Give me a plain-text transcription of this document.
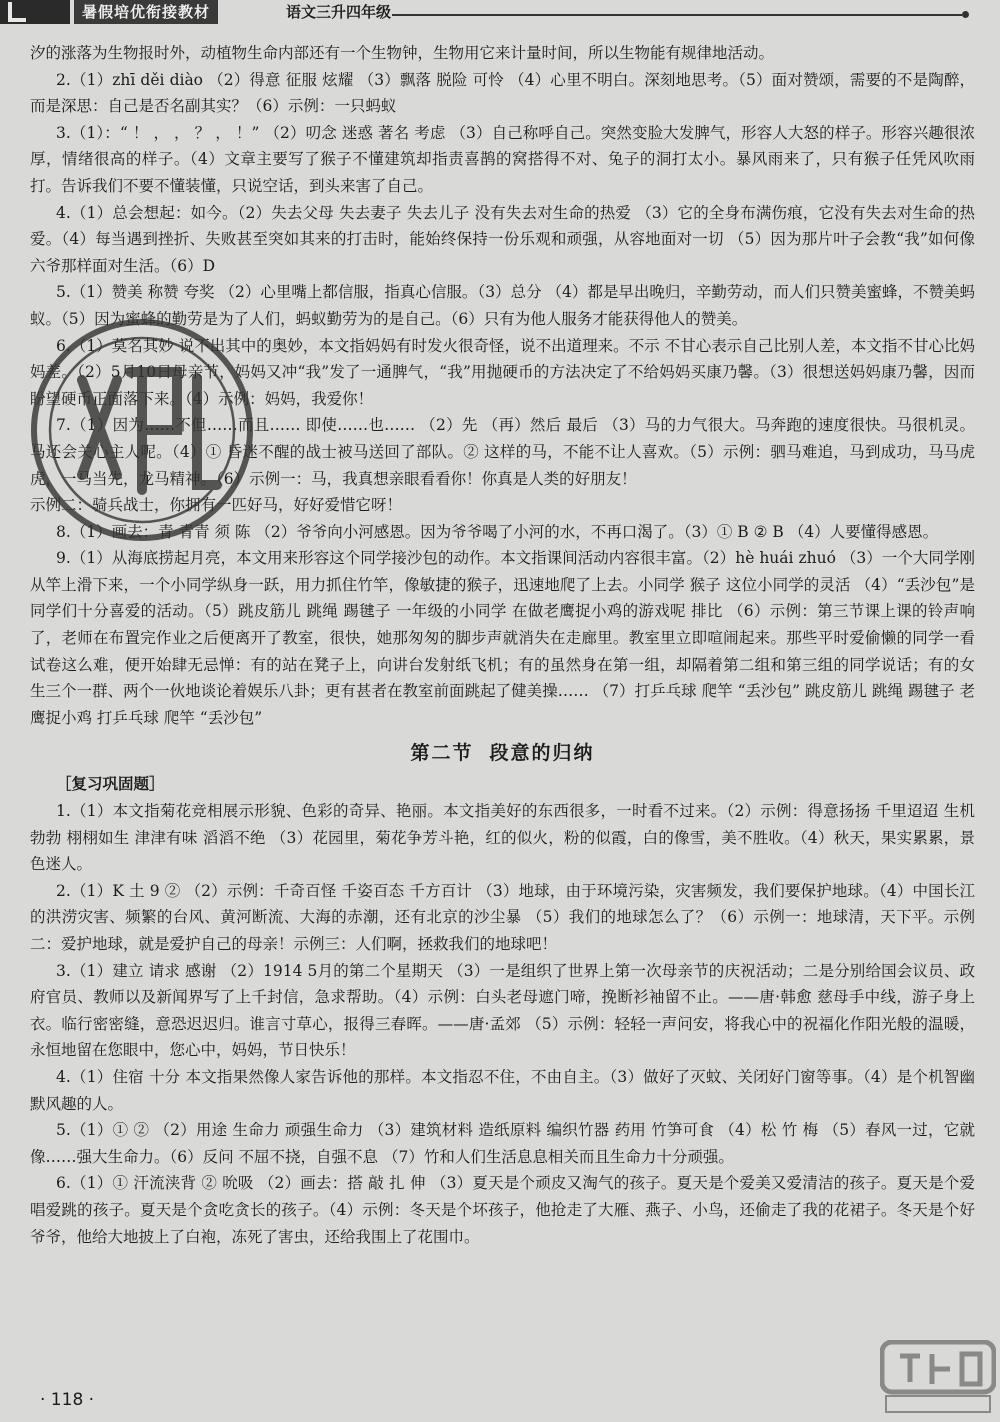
暑假培优衔接教材	语文三升四年级

汐的涨落为生物报时外，动植物生命内部还有一个生物钟，生物用它来计量时间，所以生物能有规律地活动。

2.（1）zhī děi diào （2）得意 征服 炫耀 （3）飘落 脱险 可怜 （4）心里不明白。深刻地思考。（5）面对赞颂，需要的不是陶醉，而是深思：自己是否名副其实？（6）示例：一只蚂蚁

3.（1）：“ ！ ， ， ？ ， ！” （2）叨念 迷惑 著名 考虑 （3）自己称呼自己。突然变脸大发脾气，形容人大怒的样子。形容兴趣很浓厚，情绪很高的样子。（4）文章主要写了猴子不懂建筑却指责喜鹊的窝搭得不对、兔子的洞打太小。暴风雨来了，只有猴子任凭风吹雨打。告诉我们不要不懂装懂，只说空话，到头来害了自己。

4.（1）总会想起：如今。（2）失去父母 失去妻子 失去儿子 没有失去对生命的热爱 （3）它的全身布满伤痕，它没有失去对生命的热爱。（4）每当遇到挫折、失败甚至突如其来的打击时，能始终保持一份乐观和顽强，从容地面对一切 （5）因为那片叶子会教“我”如何像六爷那样面对生活。（6）D

5.（1）赞美 称赞 夸奖 （2）心里嘴上都信服，指真心信服。（3）总分 （4）都是早出晚归，辛勤劳动，而人们只赞美蜜蜂，不赞美蚂蚁。（5）因为蜜蜂的勤劳是为了人们，蚂蚁勤劳为的是自己。（6）只有为他人服务才能获得他人的赞美。

6.（1）莫名其妙 说不出其中的奥妙，本文指妈妈有时发火很奇怪，说不出道理来。不示 不甘心表示自己比别人差，本文指不甘心比妈妈差。（2）5月10日母亲节，妈妈又冲“我”发了一通脾气，“我”用抛硬币的方法决定了不给妈妈买康乃馨。（3）很想送妈妈康乃馨，因而盼望硬币正面落下来。（4）示例：妈妈，我爱你！

7.（1）因为……不但……而且…… 即使……也…… （2）先 （再）然后 最后 （3）马的力气很大。马奔跑的速度很快。马很机灵。马还会关心主人呢。（4）① 昏迷不醒的战士被马送回了部队。② 这样的马，不能不让人喜欢。（5）示例：驷马难追，马到成功，马马虎虎，一马当先，龙马精神。（6）示例一：马，我真想亲眼看看你！你真是人类的好朋友！

示例二：骑兵战士，你拥有一匹好马，好好爱惜它呀！

8.（1）画去：青 青青 须 陈 （2）爷爷向小河感恩。因为爷爷喝了小河的水，不再口渴了。（3）① B ② B （4）人要懂得感恩。

9.（1）从海底捞起月亮，本文用来形容这个同学接沙包的动作。本文指课间活动内容很丰富。（2）hè huái zhuó （3）一个大同学刚从竿上滑下来，一个小同学纵身一跃，用力抓住竹竿，像敏捷的猴子，迅速地爬了上去。小同学 猴子 这位小同学的灵活 （4）“丢沙包”是同学们十分喜爱的活动。（5）跳皮筋儿 跳绳 踢毽子 一年级的小同学 在做老鹰捉小鸡的游戏呢 排比 （6）示例：第三节课上课的铃声响了，老师在布置完作业之后便离开了教室，很快，她那匆匆的脚步声就消失在走廊里。教室里立即喧闹起来。那些平时爱偷懒的同学一看试卷这么难，便开始肆无忌惮：有的站在凳子上，向讲台发射纸飞机；有的虽然身在第一组，却隔着第二组和第三组的同学说话；有的女生三个一群、两个一伙地谈论着娱乐八卦；更有甚者在教室前面跳起了健美操…… （7）打乒乓球 爬竿 “丢沙包” 跳皮筋儿 跳绳 踢毽子 老鹰捉小鸡 打乒乓球 爬竿 “丢沙包”

第二节 段意的归纳

［复习巩固题］

1.（1）本文指菊花竞相展示形貌、色彩的奇异、艳丽。本文指美好的东西很多，一时看不过来。（2）示例：得意扬扬 千里迢迢 生机勃勃 栩栩如生 津津有味 滔滔不绝 （3）花园里，菊花争芳斗艳，红的似火，粉的似霞，白的像雪，美不胜收。（4）秋天，果实累累，景色迷人。

2.（1）K 土 9 ② （2）示例：千奇百怪 千姿百态 千方百计 （3）地球，由于环境污染，灾害频发，我们要保护地球。（4）中国长江的洪涝灾害、频繁的台风、黄河断流、大海的赤潮，还有北京的沙尘暴 （5）我们的地球怎么了？（6）示例一：地球清，天下平。示例二：爱护地球，就是爱护自己的母亲！示例三：人们啊，拯救我们的地球吧！

3.（1）建立 请求 感谢 （2）1914 5月的第二个星期天 （3）一是组织了世界上第一次母亲节的庆祝活动；二是分别给国会议员、政府官员、教师以及新闻界写了上千封信，急求帮助。（4）示例：白头老母遮门啼，挽断衫袖留不止。——唐·韩愈 慈母手中线，游子身上衣。临行密密缝，意恐迟迟归。谁言寸草心，报得三春晖。——唐·孟郊 （5）示例：轻轻一声问安，将我心中的祝福化作阳光般的温暖，永恒地留在您眼中，您心中，妈妈，节日快乐！

4.（1）住宿 十分 本文指果然像人家告诉他的那样。本文指忍不住，不由自主。（3）做好了灭蚊、关闭好门窗等事。（4）是个机智幽默风趣的人。

5.（1）① ② （2）用途 生命力 顽强生命力 （3）建筑材料 造纸原料 编织竹器 药用 竹笋可食 （4）松 竹 梅 （5）春风一过，它就像……强大生命力。（6）反问 不屈不挠，自强不息 （7）竹和人们生活息息相关而且生命力十分顽强。

6.（1）① 汗流浃背 ② 吮吸 （2）画去：搭 敲 扎 伸 （3）夏天是个顽皮又淘气的孩子。夏天是个爱美又爱清洁的孩子。夏天是个爱唱爱跳的孩子。夏天是个贪吃贪长的孩子。（4）示例：冬天是个坏孩子，他抢走了大雁、燕子、小鸟，还偷走了我的花裙子。冬天是个好爷爷，他给大地披上了白袍，冻死了害虫，还给我围上了花围巾。

· 118 ·
